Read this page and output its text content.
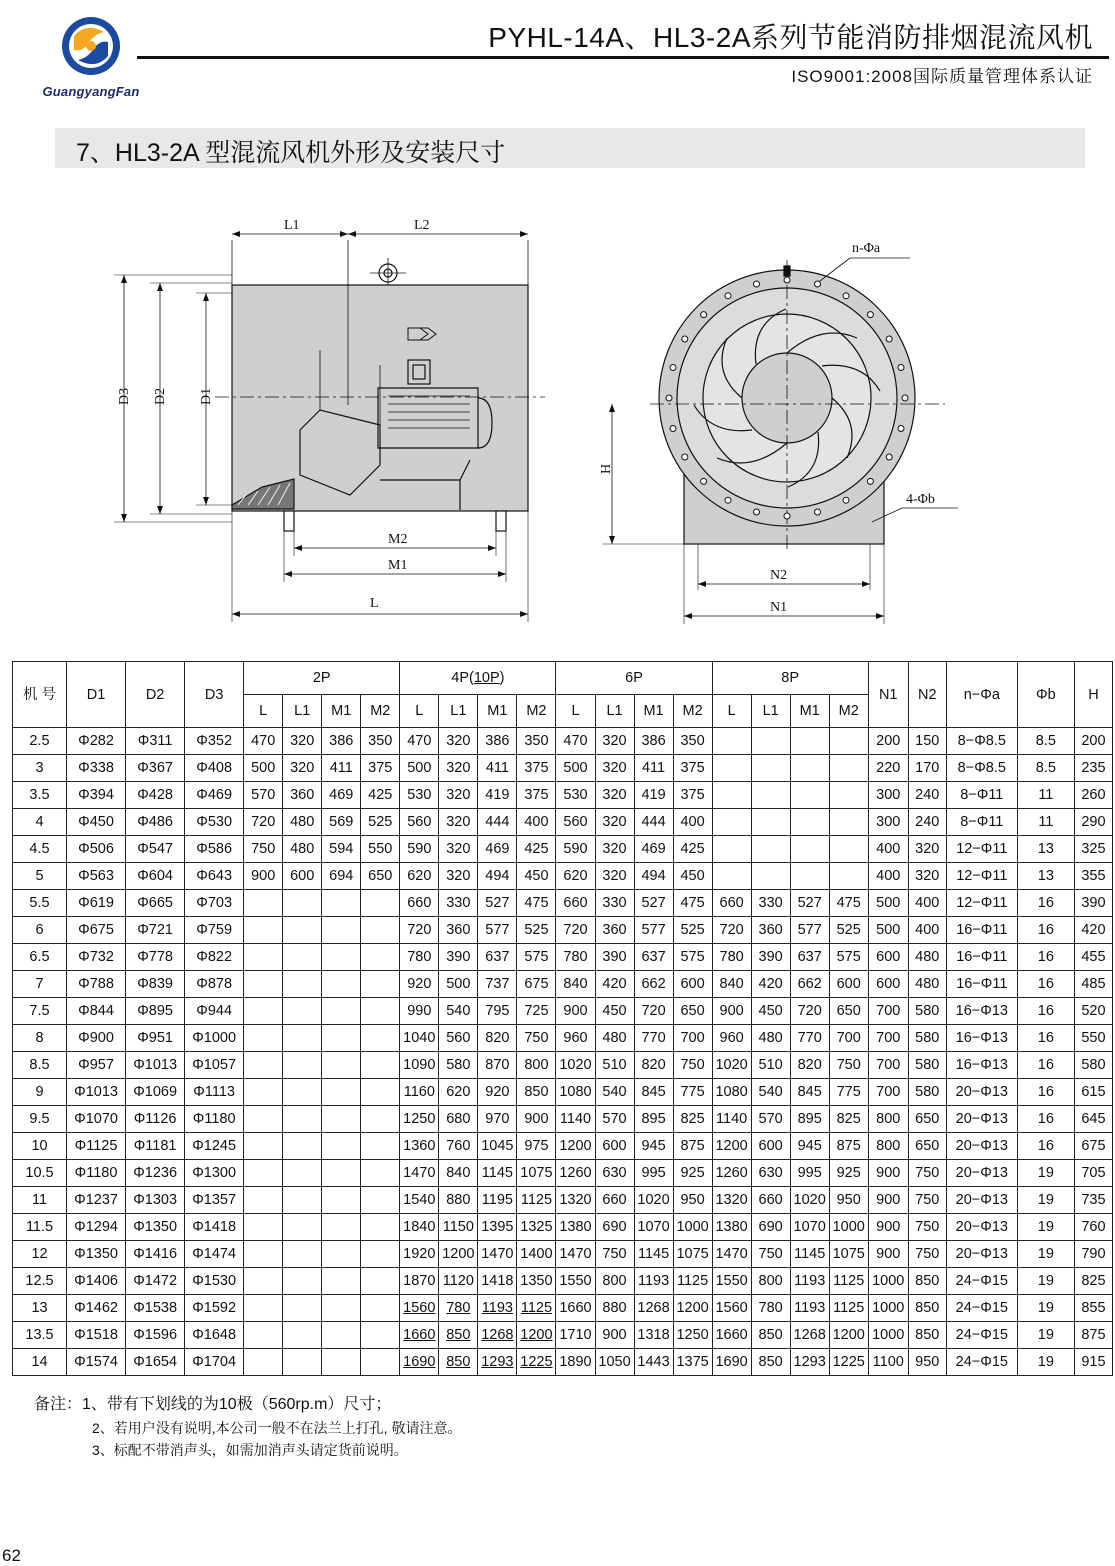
GuangyangFan
PYHL-14A、HL3-2A系列节能消防排烟混流风机
ISO9001:2008国际质量管理体系认证
7、HL3-2A 型混流风机外形及安装尺寸
L1	L2
D3 D2 D1
M2
M1
L
n-Φa
H
4-Φb
N2
N1
机 号	D1	D2	D3	2P				4P(10P)				6P				8P				N1	N2	n−Φa	Φb	H
				L	L1	M1	M2	L	L1	M1	M2	L	L1	M1	M2	L	L1	M1	M2					
2.5	Φ282	Φ311	Φ352	470	320	386	350	470	320	386	350	470	320	386	350					200	150	8−Φ8.5	8.5	200
3	Φ338	Φ367	Φ408	500	320	411	375	500	320	411	375	500	320	411	375					220	170	8−Φ8.5	8.5	235
3.5	Φ394	Φ428	Φ469	570	360	469	425	530	320	419	375	530	320	419	375					300	240	8−Φ11	11	260
4	Φ450	Φ486	Φ530	720	480	569	525	560	320	444	400	560	320	444	400					300	240	8−Φ11	11	290
4.5	Φ506	Φ547	Φ586	750	480	594	550	590	320	469	425	590	320	469	425					400	320	12−Φ11	13	325
5	Φ563	Φ604	Φ643	900	600	694	650	620	320	494	450	620	320	494	450					400	320	12−Φ11	13	355
5.5	Φ619	Φ665	Φ703					660	330	527	475	660	330	527	475	660	330	527	475	500	400	12−Φ11	16	390
6	Φ675	Φ721	Φ759					720	360	577	525	720	360	577	525	720	360	577	525	500	400	16−Φ11	16	420
6.5	Φ732	Φ778	Φ822					780	390	637	575	780	390	637	575	780	390	637	575	600	480	16−Φ11	16	455
7	Φ788	Φ839	Φ878					920	500	737	675	840	420	662	600	840	420	662	600	600	480	16−Φ11	16	485
7.5	Φ844	Φ895	Φ944					990	540	795	725	900	450	720	650	900	450	720	650	700	580	16−Φ13	16	520
8	Φ900	Φ951	Φ1000					1040	560	820	750	960	480	770	700	960	480	770	700	700	580	16−Φ13	16	550
8.5	Φ957	Φ1013	Φ1057					1090	580	870	800	1020	510	820	750	1020	510	820	750	700	580	16−Φ13	16	580
9	Φ1013	Φ1069	Φ1113					1160	620	920	850	1080	540	845	775	1080	540	845	775	700	580	20−Φ13	16	615
9.5	Φ1070	Φ1126	Φ1180					1250	680	970	900	1140	570	895	825	1140	570	895	825	800	650	20−Φ13	16	645
10	Φ1125	Φ1181	Φ1245					1360	760	1045	975	1200	600	945	875	1200	600	945	875	800	650	20−Φ13	16	675
10.5	Φ1180	Φ1236	Φ1300					1470	840	1145	1075	1260	630	995	925	1260	630	995	925	900	750	20−Φ13	19	705
11	Φ1237	Φ1303	Φ1357					1540	880	1195	1125	1320	660	1020	950	1320	660	1020	950	900	750	20−Φ13	19	735
11.5	Φ1294	Φ1350	Φ1418					1840	1150	1395	1325	1380	690	1070	1000	1380	690	1070	1000	900	750	20−Φ13	19	760
12	Φ1350	Φ1416	Φ1474					1920	1200	1470	1400	1470	750	1145	1075	1470	750	1145	1075	900	750	20−Φ13	19	790
12.5	Φ1406	Φ1472	Φ1530					1870	1120	1418	1350	1550	800	1193	1125	1550	800	1193	1125	1000	850	24−Φ15	19	825
13	Φ1462	Φ1538	Φ1592					1560	780	1193	1125	1660	880	1268	1200	1560	780	1193	1125	1000	850	24−Φ15	19	855
13.5	Φ1518	Φ1596	Φ1648					1660	850	1268	1200	1710	900	1318	1250	1660	850	1268	1200	1000	850	24−Φ15	19	875
14	Φ1574	Φ1654	Φ1704					1690	850	1293	1225	1890	1050	1443	1375	1690	850	1293	1225	1100	950	24−Φ15	19	915
备注：1、带有下划线的为10极（560rp.m）尺寸；
2、若用户没有说明,本公司一般不在法兰上打孔, 敬请注意。
3、标配不带消声头，如需加消声头请定货前说明。
62
